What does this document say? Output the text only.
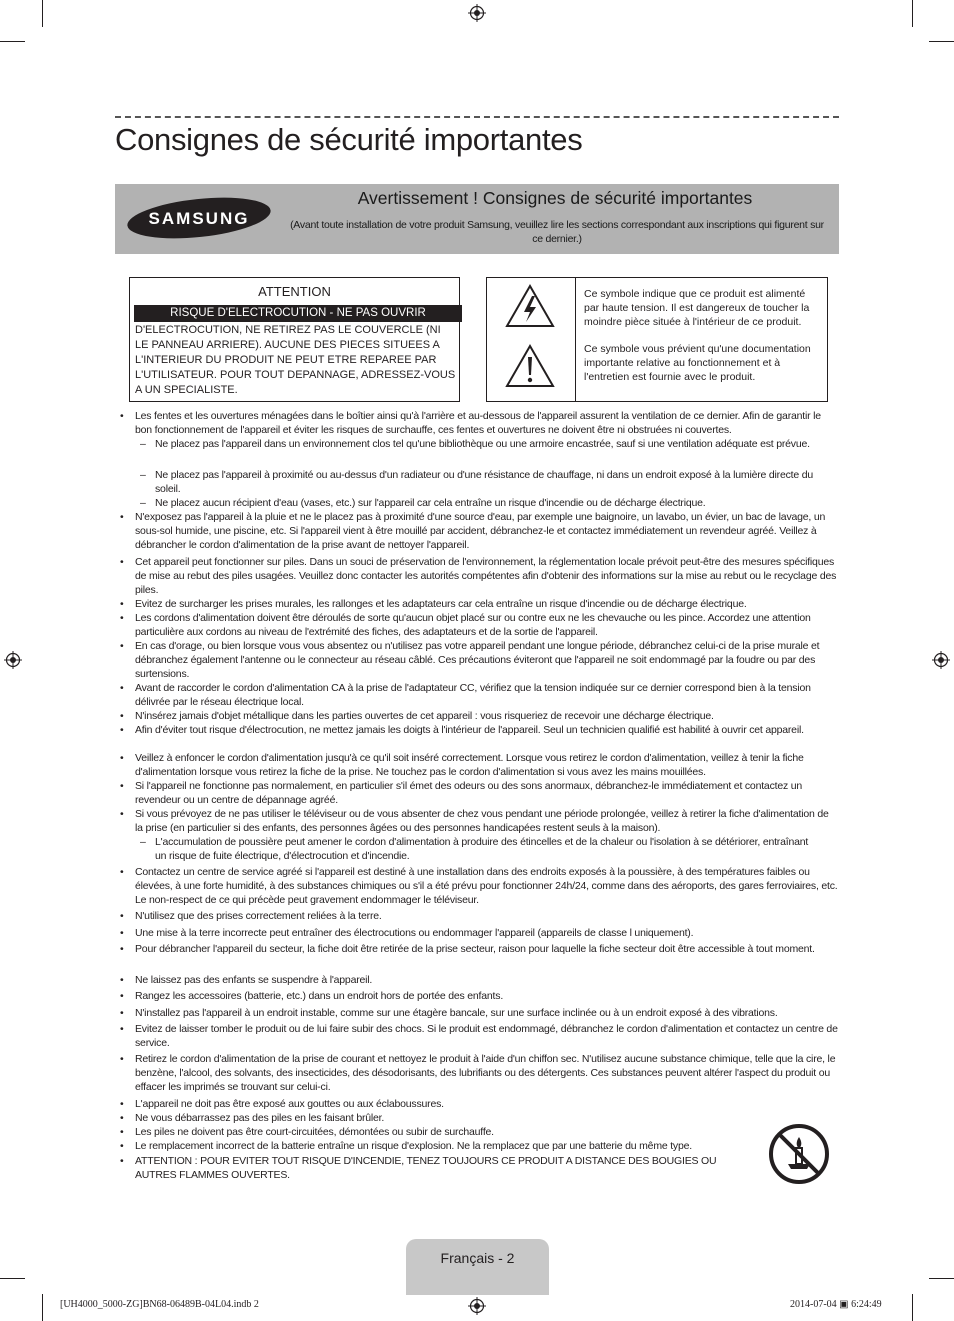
Consignes de sécurité importantes
SAMSUNG
Avertissement ! Consignes de sécurité importantes
(Avant toute installation de votre produit Samsung, veuillez lire les sections correspondant aux inscriptions qui figurent sur ce dernier.)
ATTENTION
RISQUE D'ELECTROCUTION - NE PAS OUVRIR
D'ELECTROCUTION, NE RETIREZ PAS LE COUVERCLE (NI LE PANNEAU ARRIERE). AUCUNE DES PIECES SITUEES A L'INTERIEUR DU PRODUIT NE PEUT ETRE REPAREE PAR L'UTILISATEUR. POUR TOUT DEPANNAGE, ADRESSEZ-VOUS A UN SPECIALISTE.
Ce symbole indique que ce produit est alimenté par haute tension. Il est dangereux de toucher la moindre pièce située à l'intérieur de ce produit.
Ce symbole vous prévient qu'une documentation importante relative au fonctionnement et à l'entretien est fournie avec le produit.
• Les fentes et les ouvertures ménagées dans le boîtier ainsi qu'à l'arrière et au-dessous de l'appareil assurent la ventilation de ce dernier. Afin de garantir le bon fonctionnement de l'appareil et éviter les risques de surchauffe, ces fentes et ouvertures ne doivent être ni obstruées ni couvertes.
– Ne placez pas l'appareil dans un environnement clos tel qu'une bibliothèque ou une armoire encastrée, sauf si une ventilation adéquate est prévue.
– Ne placez pas l'appareil à proximité ou au-dessus d'un radiateur ou d'une résistance de chauffage, ni dans un endroit exposé à la lumière directe du soleil.
– Ne placez aucun récipient d'eau (vases, etc.) sur l'appareil car cela entraîne un risque d'incendie ou de décharge électrique.
• N'exposez pas l'appareil à la pluie et ne le placez pas à proximité d'une source d'eau, par exemple une baignoire, un lavabo, un évier, un bac de lavage, un sous-sol humide, une piscine, etc. Si l'appareil vient à être mouillé par accident, débranchez-le et contactez immédiatement un revendeur agréé. Veillez à débrancher le cordon d'alimentation de la prise avant de nettoyer l'appareil.
• Cet appareil peut fonctionner sur piles. Dans un souci de préservation de l'environnement, la réglementation locale prévoit peut-être des mesures spécifiques de mise au rebut des piles usagées. Veuillez donc contacter les autorités compétentes afin d'obtenir des informations sur la mise au rebut ou le recyclage des piles.
• Evitez de surcharger les prises murales, les rallonges et les adaptateurs car cela entraîne un risque d'incendie ou de décharge électrique.
• Les cordons d'alimentation doivent être déroulés de sorte qu'aucun objet placé sur ou contre eux ne les chevauche ou les pince. Accordez une attention particulière aux cordons au niveau de l'extrémité des fiches, des adaptateurs et de la sortie de l'appareil.
• En cas d'orage, ou bien lorsque vous vous absentez ou n'utilisez pas votre appareil pendant une longue période, débranchez celui-ci de la prise murale et débranchez également l'antenne ou le connecteur au réseau câblé. Ces précautions éviteront que l'appareil ne soit endommagé par la foudre ou par des surtensions.
• Avant de raccorder le cordon d'alimentation CA à la prise de l'adaptateur CC, vérifiez que la tension indiquée sur ce dernier correspond bien à la tension délivrée par le réseau électrique local.
• N'insérez jamais d'objet métallique dans les parties ouvertes de cet appareil : vous risqueriez de recevoir une décharge électrique.
• Afin d'éviter tout risque d'électrocution, ne mettez jamais les doigts à l'intérieur de l'appareil. Seul un technicien qualifié est habilité à ouvrir cet appareil.
• Veillez à enfoncer le cordon d'alimentation jusqu'à ce qu'il soit inséré correctement. Lorsque vous retirez le cordon d'alimentation, veillez à tenir la fiche d'alimentation lorsque vous retirez la fiche de la prise. Ne touchez pas le cordon d'alimentation si vous avez les mains mouillées.
• Si l'appareil ne fonctionne pas normalement, en particulier s'il émet des odeurs ou des sons anormaux, débranchez-le immédiatement et contactez un revendeur ou un centre de dépannage agréé.
• Si vous prévoyez de ne pas utiliser le téléviseur ou de vous absenter de chez vous pendant une période prolongée, veillez à retirer la fiche d'alimentation de la prise (en particulier si des enfants, des personnes âgées ou des personnes handicapées restent seuls à la maison).
– L'accumulation de poussière peut amener le cordon d'alimentation à produire des étincelles et de la chaleur ou l'isolation à se détériorer, entraînant un risque de fuite électrique, d'électrocution et d'incendie.
• Contactez un centre de service agréé si l'appareil est destiné à une installation dans des endroits exposés à la poussière, à des températures faibles ou élevées, à une forte humidité, à des substances chimiques ou s'il a été prévu pour fonctionner 24h/24, comme dans des aéroports, des gares ferroviaires, etc. Le non-respect de ce qui précède peut gravement endommager le téléviseur.
• N'utilisez que des prises correctement reliées à la terre.
• Une mise à la terre incorrecte peut entraîner des électrocutions ou endommager l'appareil (appareils de classe l uniquement).
• Pour débrancher l'appareil du secteur, la fiche doit être retirée de la prise secteur, raison pour laquelle la fiche secteur doit être accessible à tout moment.
• Ne laissez pas des enfants se suspendre à l'appareil.
• Rangez les accessoires (batterie, etc.) dans un endroit hors de portée des enfants.
• N'installez pas l'appareil à un endroit instable, comme sur une étagère bancale, sur une surface inclinée ou à un endroit exposé à des vibrations.
• Evitez de laisser tomber le produit ou de lui faire subir des chocs. Si le produit est endommagé, débranchez le cordon d'alimentation et contactez un centre de service.
• Retirez le cordon d'alimentation de la prise de courant et nettoyez le produit à l'aide d'un chiffon sec. N'utilisez aucune substance chimique, telle que la cire, le benzène, l'alcool, des solvants, des insecticides, des désodorisants, des lubrifiants ou des détergents. Ces substances peuvent altérer l'aspect du produit ou effacer les imprimés se trouvant sur celui-ci.
• L'appareil ne doit pas être exposé aux gouttes ou aux éclaboussures.
• Ne vous débarrassez pas des piles en les faisant brûler.
• Les piles ne doivent pas être court-circuitées, démontées ou subir de surchauffe.
• Le remplacement incorrect de la batterie entraîne un risque d'explosion. Ne la remplacez que par une batterie du même type.
• ATTENTION : POUR EVITER TOUT RISQUE D'INCENDIE, TENEZ TOUJOURS CE PRODUIT A DISTANCE DES BOUGIES OU AUTRES FLAMMES OUVERTES.
Français - 2
[UH4000_5000-ZG]BN68-06489B-04L04.indb 2	2014-07-04 ▣ 6:24:49
